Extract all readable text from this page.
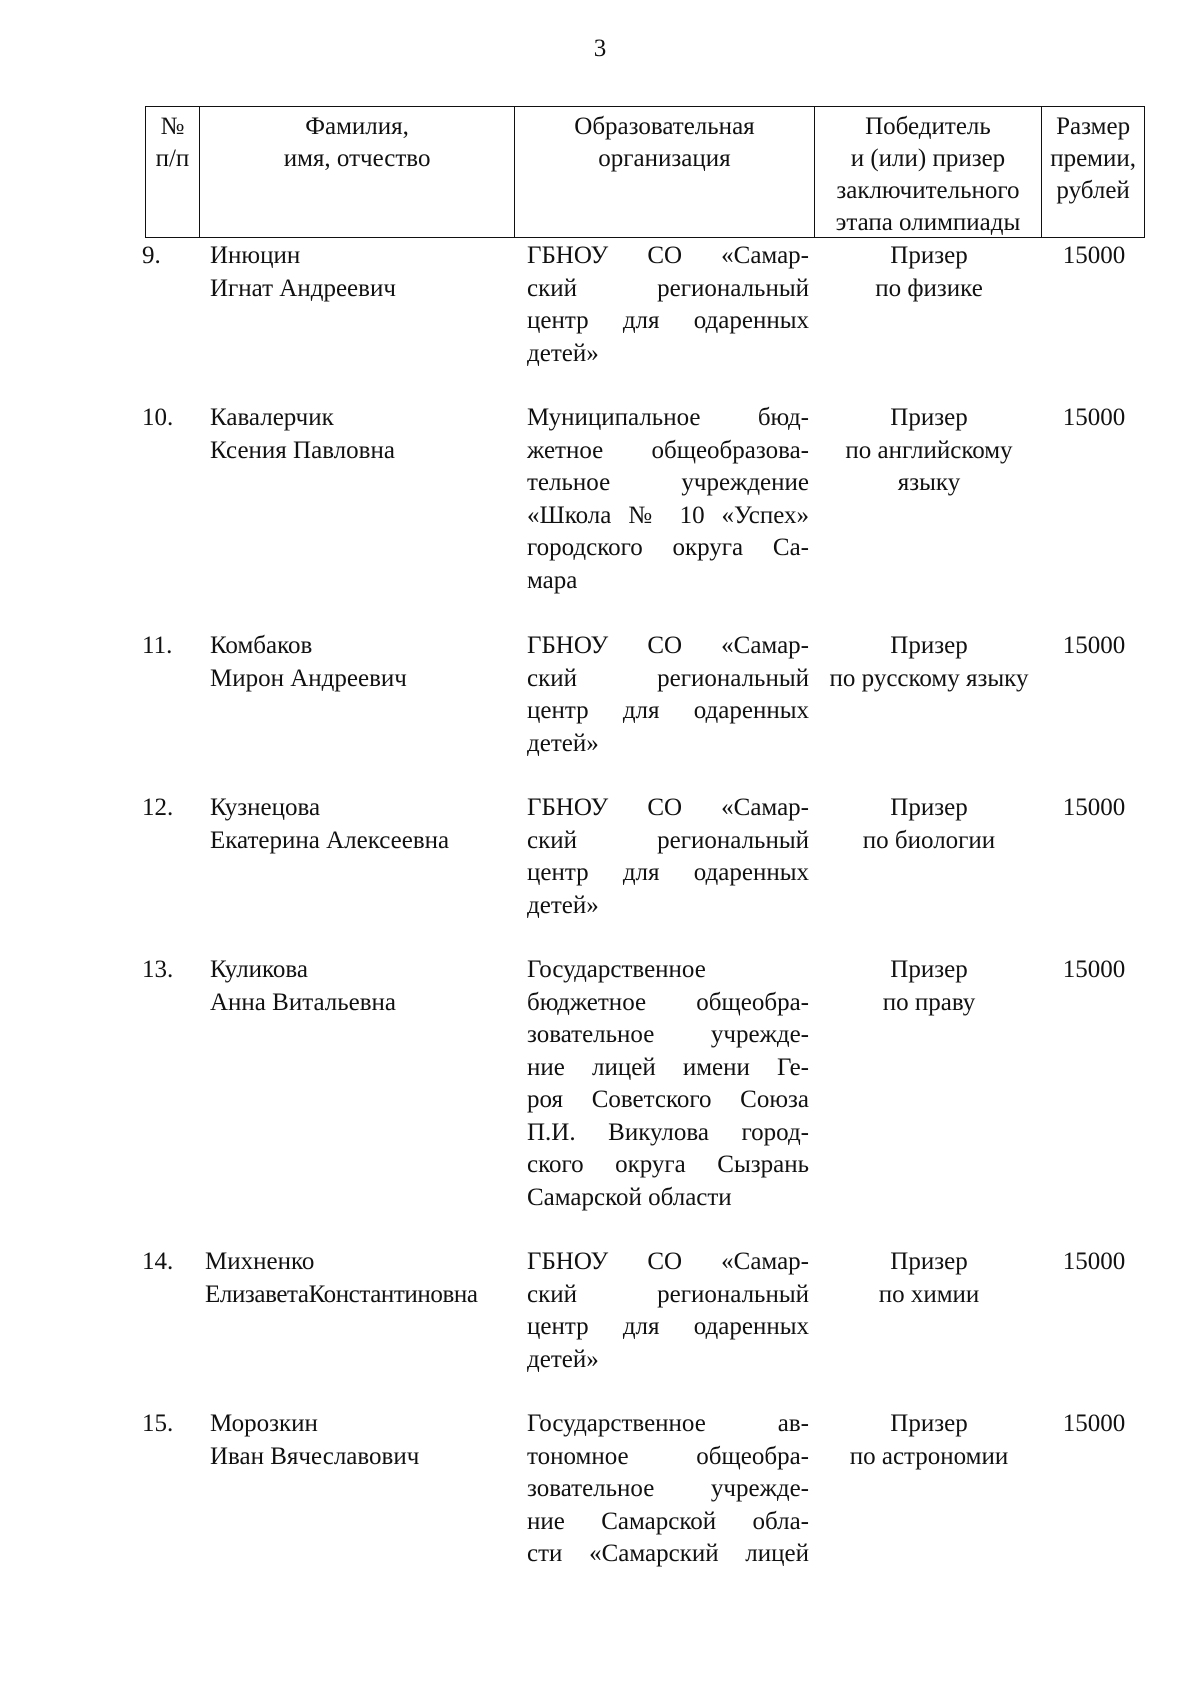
3
№
п/п
Фамилия,
имя, отчество
Образовательная
организация
Победитель
и (или) призер
заключительного
этапа олимпиады
Размер
премии,
рублей
9. Инюцин
Игнат Андреевич
ГБНОУ СО «Самар-
ский региональный
центр для одаренных
детей»
Призер
по физике
15000
10. Кавалерчик
Ксения Павловна
Муниципальное бюд-
жетное общеобразова-
тельное учреждение
«Школа № 10 «Успех»
городского округа Са-
мара
Призер
по английскому
языку
15000
11. Комбаков
Мирон Андреевич
ГБНОУ СО «Самар-
ский региональный
центр для одаренных
детей»
Призер
по русскому языку
15000
12. Кузнецова
Екатерина Алексеевна
ГБНОУ СО «Самар-
ский региональный
центр для одаренных
детей»
Призер
по биологии
15000
13. Куликова
Анна Витальевна
Государственное
бюджетное общеобра-
зовательное учрежде-
ние лицей имени Ге-
роя Советского Союза
П.И. Викулова город-
ского округа Сызрань
Самарской области
Призер
по праву
15000
14. Михненко
ЕлизаветаКонстантиновна
ГБНОУ СО «Самар-
ский региональный
центр для одаренных
детей»
Призер
по химии
15000
15. Морозкин
Иван Вячеславович
Государственное ав-
тономное общеобра-
зовательное учрежде-
ние Самарской обла-
сти «Самарский лицей
Призер
по астрономии
15000
